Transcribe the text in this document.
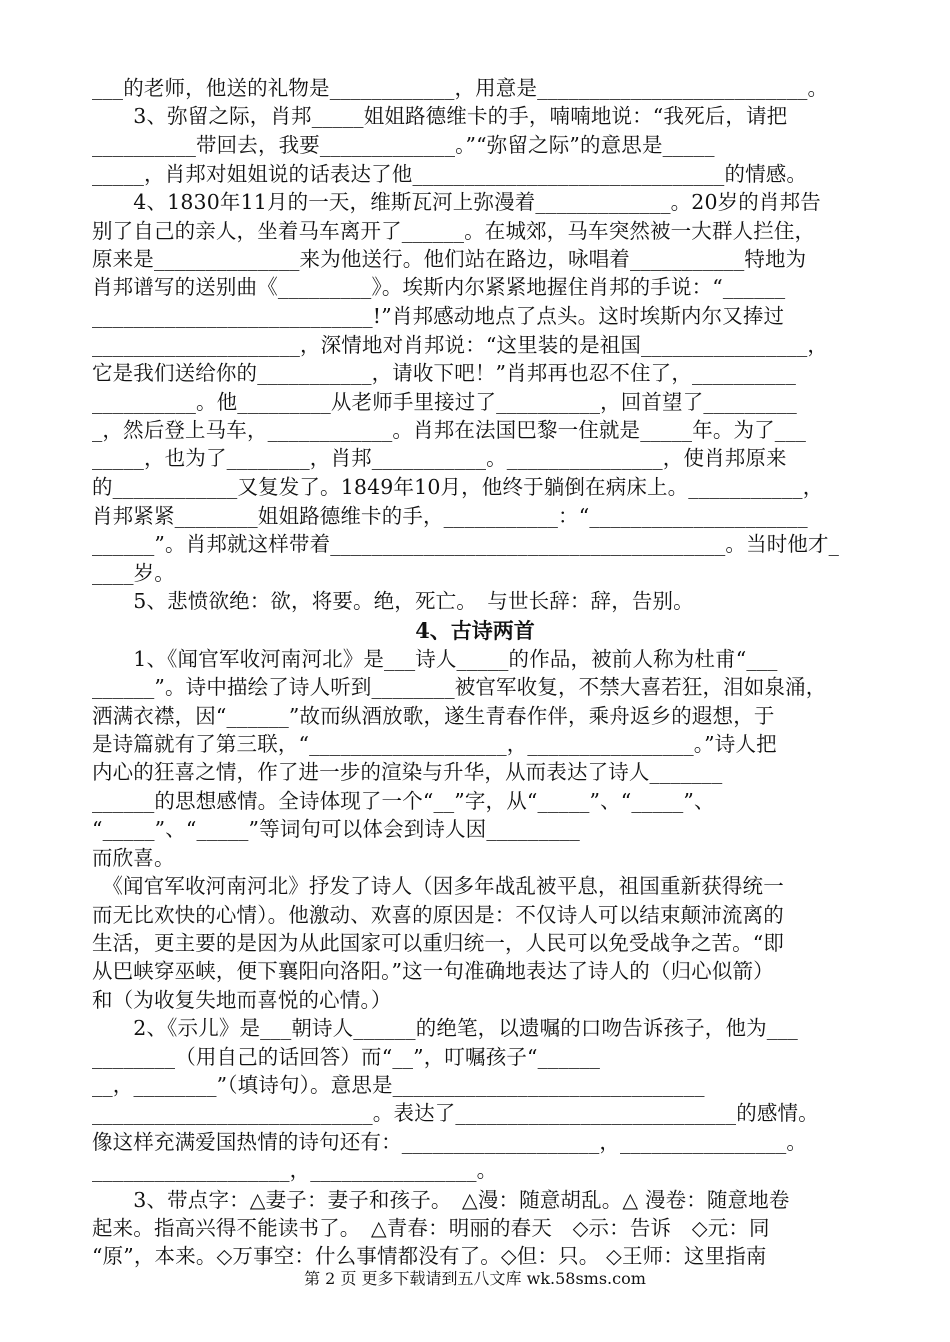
___的老师，他送的礼物是____________，用意是__________________________。
　　3、弥留之际，肖邦_____姐姐路德维卡的手，喃喃地说：“我死后，请把
__________带回去，我要_____________。”“弥留之际”的意思是_____
_____，肖邦对姐姐说的话表达了他______________________________的情感。
　　4、1830年11月的一天，维斯瓦河上弥漫着_____________。20岁的肖邦告
别了自己的亲人，坐着马车离开了______。在城郊，马车突然被一大群人拦住，
原来是______________来为他送行。他们站在路边，咏唱着___________特地为
肖邦谱写的送别曲《_________》。埃斯内尔紧紧地握住肖邦的手说：“______
___________________________!”肖邦感动地点了点头。这时埃斯内尔又捧过
____________________，深情地对肖邦说：“这里装的是祖国________________，
它是我们送给你的___________，请收下吧！”肖邦再也忍不住了，__________
__________。他_________从老师手里接过了__________，回首望了_________
_，然后登上马车，____________。肖邦在法国巴黎一住就是_____年。为了___
_____，也为了________，肖邦___________。_______________，使肖邦原来
的____________又复发了。1849年10月，他终于躺倒在病床上。___________，
肖邦紧紧________姐姐路德维卡的手，___________：“_____________________
______”。肖邦就这样带着______________________________________。当时他才_
____岁。
　　5、悲愤欲绝：欲，将要。绝，死亡。　与世长辞：辞，告别。
4、古诗两首
　　1、《闻官军收河南河北》是___诗人_____的作品，被前人称为杜甫“___
______”。诗中描绘了诗人听到________被官军收复，不禁大喜若狂，泪如泉涌，
洒满衣襟，因“______”故而纵酒放歌，遂生青春作伴，乘舟返乡的遐想，于
是诗篇就有了第三联，“___________________，________________。”诗人把
内心的狂喜之情，作了进一步的渲染与升华，从而表达了诗人_______
______的思想感情。全诗体现了一个“__”字，从“_____”、“_____”、
“_____”、“_____”等词句可以体会到诗人因_________
而欣喜。
　《闻官军收河南河北》抒发了诗人（因多年战乱被平息，祖国重新获得统一
而无比欢快的心情）。他激动、欢喜的原因是：不仅诗人可以结束颠沛流离的
生活，更主要的是因为从此国家可以重归统一，人民可以免受战争之苦。“即
从巴峡穿巫峡，便下襄阳向洛阳。”这一句准确地表达了诗人的（归心似箭）
和（为收复失地而喜悦的心情。）
　　2、《示儿》是___朝诗人______的绝笔，以遗嘱的口吻告诉孩子，他为___
________（用自己的话回答）而“__”，叮嘱孩子“______
__，________”（填诗句）。意思是______________________________
___________________________。表达了___________________________的感情。
像这样充满爱国热情的诗句还有：___________________，________________。
___________________，________________。
　　3、带点字：△妻子：妻子和孩子。　△漫：随意胡乱。△ 漫卷：随意地卷
起来。指高兴得不能读书了。　△青春：明丽的春天　◇示：告诉　◇元：同
“原”，本来。◇万事空：什么事情都没有了。◇但：只。 ◇王师：这里指南
第 2 页 更多下载请到五八文库 wk.58sms.com
